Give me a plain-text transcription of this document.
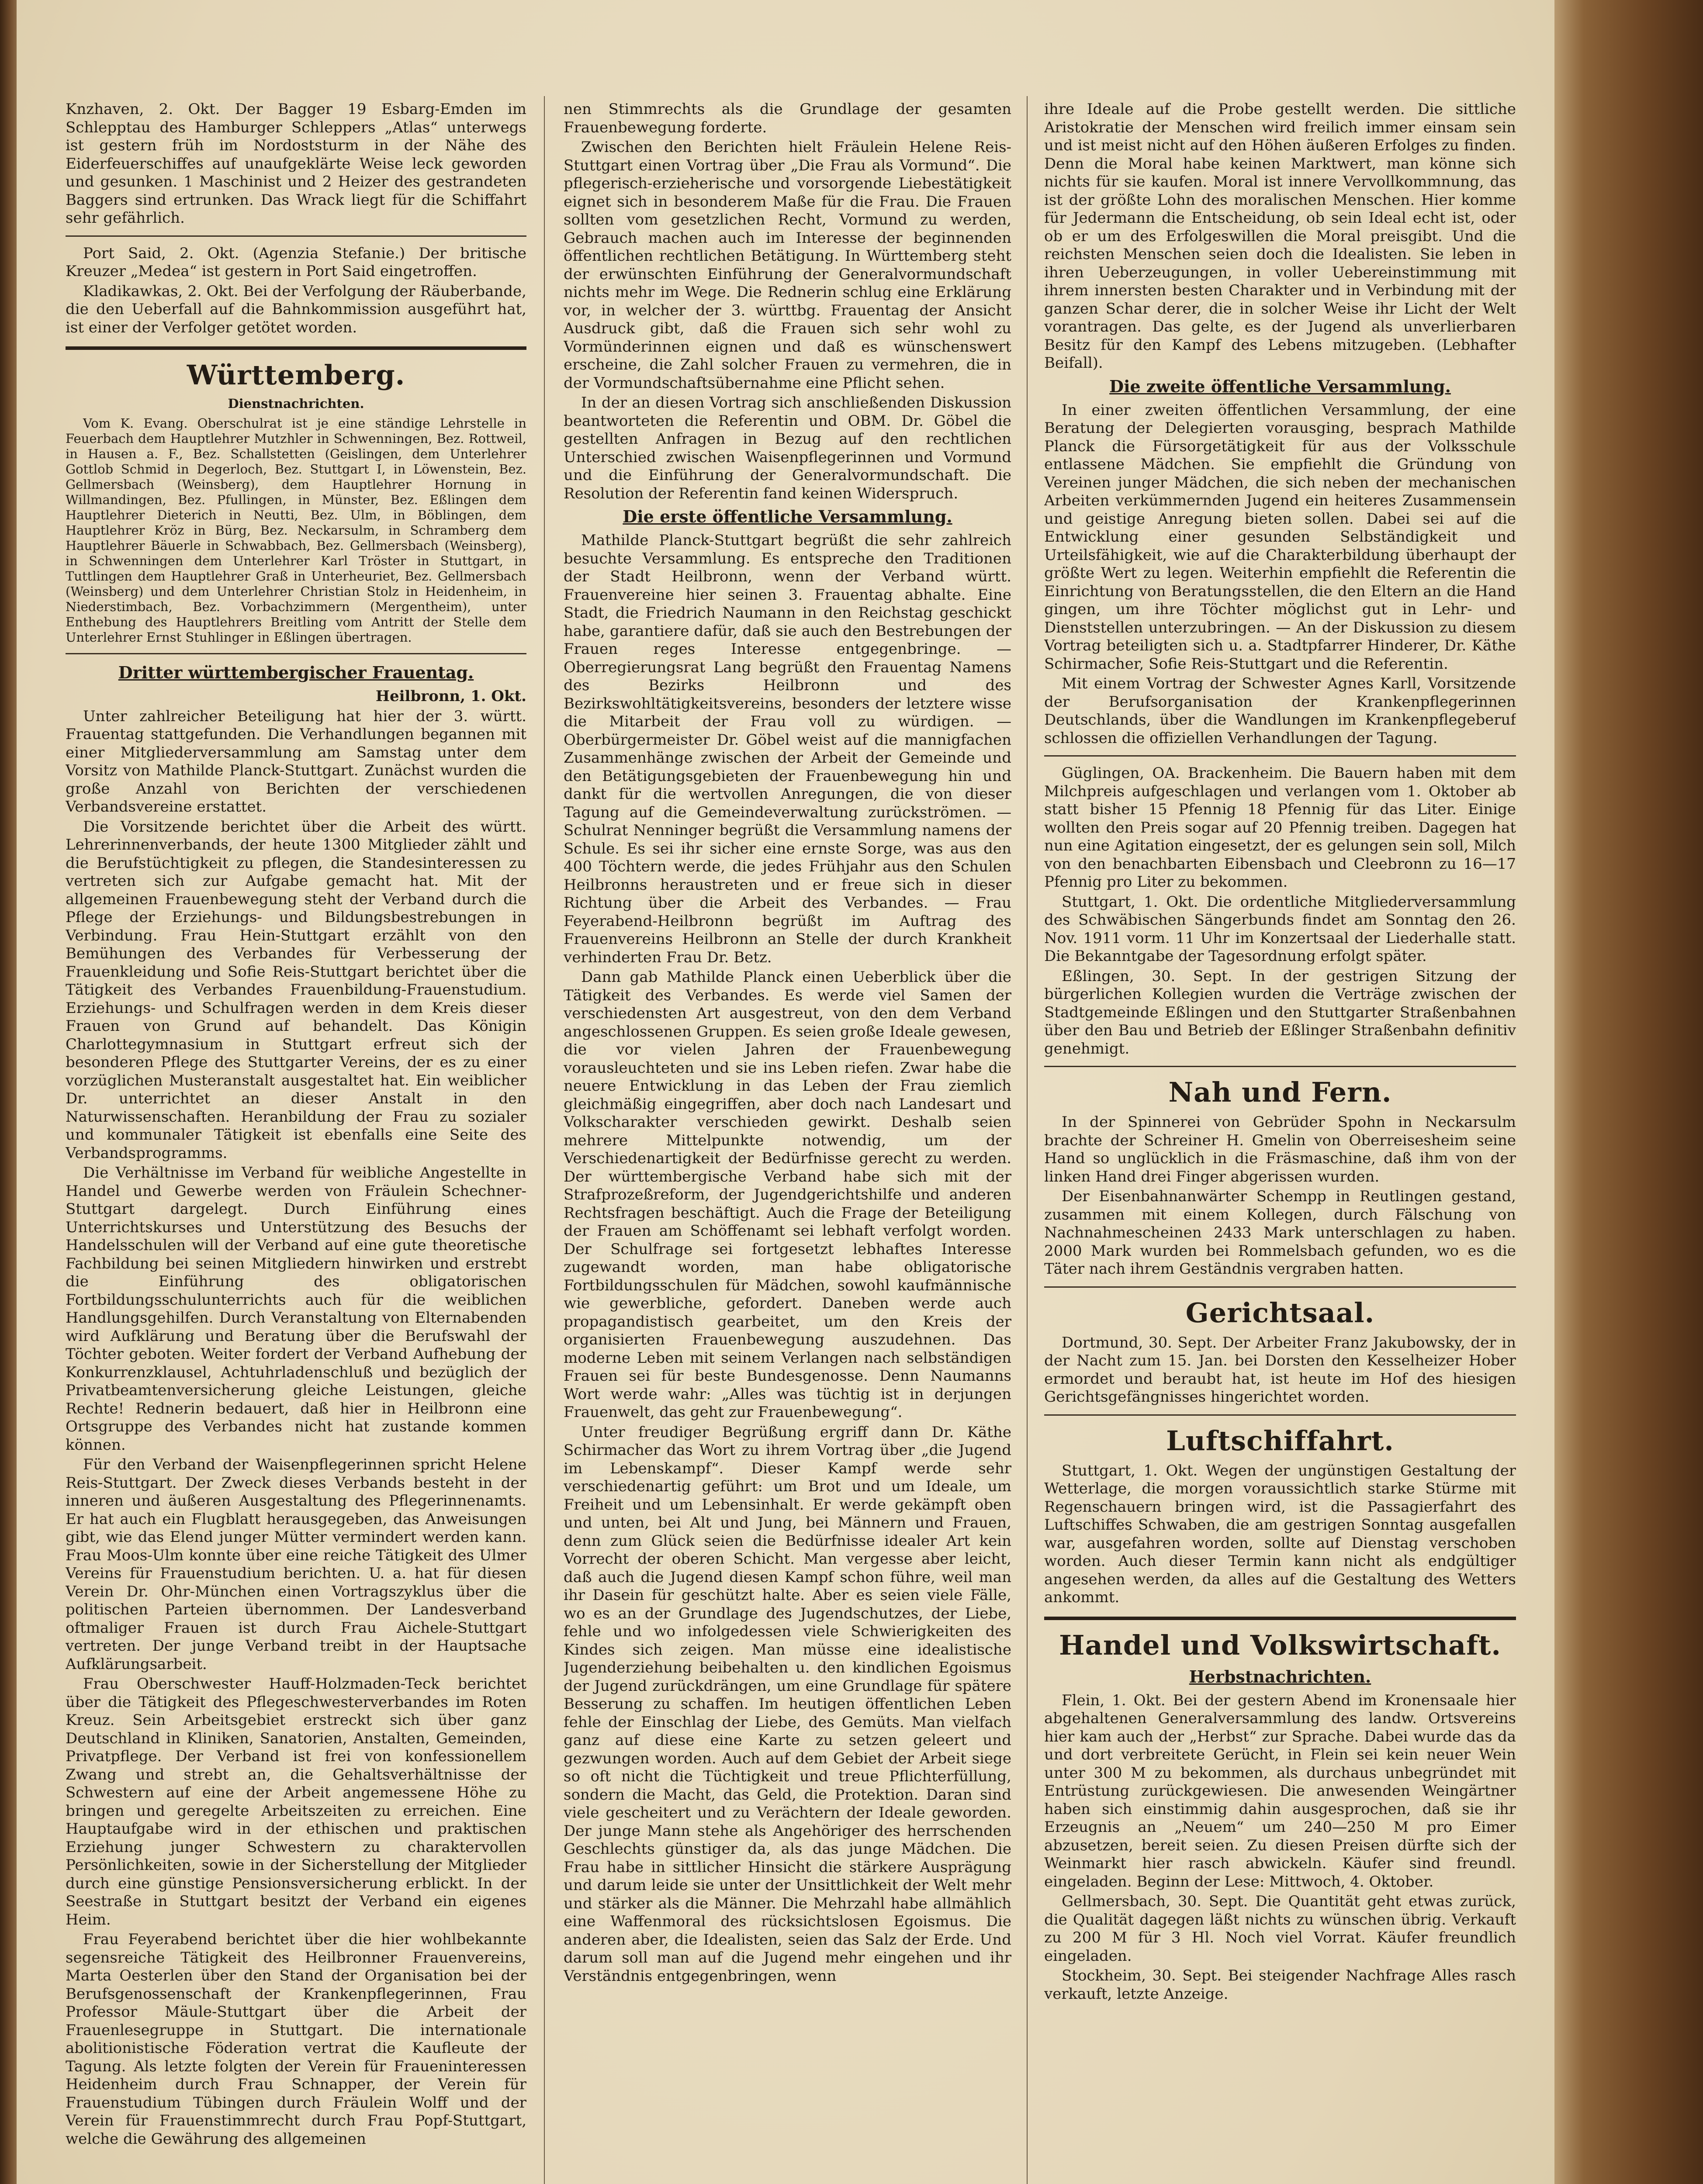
Knzhaven, 2. Okt. Der Bagger 19 Esbarg-Emden im Schlepptau des Hamburger Schleppers „Atlas“ unterwegs ist gestern früh im Nordoststurm in der Nähe des Eiderfeuerschiffes auf unaufgeklärte Weise leck geworden und gesunken. 1 Maschinist und 2 Heizer des gestrandeten Baggers sind ertrunken. Das Wrack liegt für die Schiffahrt sehr gefährlich.

Port Said, 2. Okt. (Agenzia Stefanie.) Der britische Kreuzer „Medea“ ist gestern in Port Said eingetroffen.

Kladikawkas, 2. Okt. Bei der Verfolgung der Räuberbande, die den Ueberfall auf die Bahnkommission ausgeführt hat, ist einer der Verfolger getötet worden.

Württemberg.
Dienstnachrichten.

Vom K. Evang. Oberschulrat ist je eine ständige Lehrstelle in Feuerbach dem Hauptlehrer Mutzhler in Schwenningen, Bez. Rottweil, in Hausen a. F., Bez. Schallstetten (Geislingen, dem Unterlehrer Gottlob Schmid in Degerloch, Bez. Stuttgart I, in Löwenstein, Bez. Gellmersbach (Weinsberg), dem Hauptlehrer Hornung in Willmandingen, Bez. Pfullingen, in Münster, Bez. Eßlingen dem Hauptlehrer Dieterich in Neutti, Bez. Ulm, in Böblingen, dem Hauptlehrer Kröz in Bürg, Bez. Neckarsulm, in Schramberg dem Hauptlehrer Bäuerle in Schwabbach, Bez. Gellmersbach (Weinsberg), in Schwenningen dem Unterlehrer Karl Tröster in Stuttgart, in Tuttlingen dem Hauptlehrer Graß in Unterheuriet, Bez. Gellmersbach (Weinsberg) und dem Unterlehrer Christian Stolz in Heidenheim, in Niederstimbach, Bez. Vorbachzimmern (Mergentheim), unter Enthebung des Hauptlehrers Breitling vom Antritt der Stelle dem Unterlehrer Ernst Stuhlinger in Eßlingen übertragen.

Dritter württembergischer Frauentag.

Heilbronn, 1. Okt.

Unter zahlreicher Beteiligung hat hier der 3. württ. Frauentag stattgefunden. Die Verhandlungen begannen mit einer Mitgliederversammlung am Samstag unter dem Vorsitz von Mathilde Planck-Stuttgart. Zunächst wurden die große Anzahl von Berichten der verschiedenen Verbandsvereine erstattet.

Die Vorsitzende berichtet über die Arbeit des württ. Lehrerinnenverbands, der heute 1300 Mitglieder zählt und die Berufstüchtigkeit zu pflegen, die Standesinteressen zu vertreten sich zur Aufgabe gemacht hat. Mit der allgemeinen Frauenbewegung steht der Verband durch die Pflege der Erziehungs- und Bildungsbestrebungen in Verbindung. Frau Hein-Stuttgart erzählt von den Bemühungen des Verbandes für Verbesserung der Frauenkleidung und Sofie Reis-Stuttgart berichtet über die Tätigkeit des Verbandes Frauenbildung-Frauenstudium. Erziehungs- und Schulfragen werden in dem Kreis dieser Frauen von Grund auf behandelt. Das Königin Charlottegymnasium in Stuttgart erfreut sich der besonderen Pflege des Stuttgarter Vereins, der es zu einer vorzüglichen Musteranstalt ausgestaltet hat. Ein weiblicher Dr. unterrichtet an dieser Anstalt in den Naturwissenschaften. Heranbildung der Frau zu sozialer und kommunaler Tätigkeit ist ebenfalls eine Seite des Verbandsprogramms.

Die Verhältnisse im Verband für weibliche Angestellte in Handel und Gewerbe werden von Fräulein Schechner-Stuttgart dargelegt. Durch Einführung eines Unterrichtskurses und Unterstützung des Besuchs der Handelsschulen will der Verband auf eine gute theoretische Fachbildung bei seinen Mitgliedern hinwirken und erstrebt die Einführung des obligatorischen Fortbildungsschulunterrichts auch für die weiblichen Handlungsgehilfen. Durch Veranstaltung von Elternabenden wird Aufklärung und Beratung über die Berufswahl der Töchter geboten. Weiter fordert der Verband Aufhebung der Konkurrenzklausel, Achtuhrladenschluß und bezüglich der Privatbeamtenversicherung gleiche Leistungen, gleiche Rechte! Rednerin bedauert, daß hier in Heilbronn eine Ortsgruppe des Verbandes nicht hat zustande kommen können.

Für den Verband der Waisenpflegerinnen spricht Helene Reis-Stuttgart. Der Zweck dieses Verbands besteht in der inneren und äußeren Ausgestaltung des Pflegerinnenamts. Er hat auch ein Flugblatt herausgegeben, das Anweisungen gibt, wie das Elend junger Mütter vermindert werden kann. Frau Moos-Ulm konnte über eine reiche Tätigkeit des Ulmer Vereins für Frauenstudium berichten. U. a. hat für diesen Verein Dr. Ohr-München einen Vortragszyklus über die politischen Parteien übernommen. Der Landesverband oftmaliger Frauen ist durch Frau Aichele-Stuttgart vertreten. Der junge Verband treibt in der Hauptsache Aufklärungsarbeit.

Frau Oberschwester Hauff-Holzmaden-Teck berichtet über die Tätigkeit des Pflegeschwesterverbandes im Roten Kreuz. Sein Arbeitsgebiet erstreckt sich über ganz Deutschland in Kliniken, Sanatorien, Anstalten, Gemeinden, Privatpflege. Der Verband ist frei von konfessionellem Zwang und strebt an, die Gehaltsverhältnisse der Schwestern auf eine der Arbeit angemessene Höhe zu bringen und geregelte Arbeitszeiten zu erreichen. Eine Hauptaufgabe wird in der ethischen und praktischen Erziehung junger Schwestern zu charaktervollen Persönlichkeiten, sowie in der Sicherstellung der Mitglieder durch eine günstige Pensionsversicherung erblickt. In der Seestraße in Stuttgart besitzt der Verband ein eigenes Heim.

Frau Feyerabend berichtet über die hier wohlbekannte segensreiche Tätigkeit des Heilbronner Frauenvereins, Marta Oesterlen über den Stand der Organisation bei der Berufsgenossenschaft der Krankenpflegerinnen, Frau Professor Mäule-Stuttgart über die Arbeit der Frauenlesegruppe in Stuttgart. Die internationale abolitionistische Föderation vertrat die Kaufleute der Tagung. Als letzte folgten der Verein für Fraueninteressen Heidenheim durch Frau Schnapper, der Verein für Frauenstudium Tübingen durch Fräulein Wolff und der Verein für Frauenstimmrecht durch Frau Popf-Stuttgart, welche die Gewährung des allgemeinen

nen Stimmrechts als die Grundlage der gesamten Frauenbewegung forderte.

Zwischen den Berichten hielt Fräulein Helene Reis-Stuttgart einen Vortrag über „Die Frau als Vormund“. Die pflegerisch-erzieherische und vorsorgende Liebestätigkeit eignet sich in besonderem Maße für die Frau. Die Frauen sollten vom gesetzlichen Recht, Vormund zu werden, Gebrauch machen auch im Interesse der beginnenden öffentlichen rechtlichen Betätigung. In Württemberg steht der erwünschten Einführung der Generalvormundschaft nichts mehr im Wege. Die Rednerin schlug eine Erklärung vor, in welcher der 3. württbg. Frauentag der Ansicht Ausdruck gibt, daß die Frauen sich sehr wohl zu Vormünderinnen eignen und daß es wünschenswert erscheine, die Zahl solcher Frauen zu vermehren, die in der Vormundschaftsübernahme eine Pflicht sehen.

In der an diesen Vortrag sich anschließenden Diskussion beantworteten die Referentin und OBM. Dr. Göbel die gestellten Anfragen in Bezug auf den rechtlichen Unterschied zwischen Waisenpflegerinnen und Vormund und die Einführung der Generalvormundschaft. Die Resolution der Referentin fand keinen Widerspruch.

Die erste öffentliche Versammlung.

Mathilde Planck-Stuttgart begrüßt die sehr zahlreich besuchte Versammlung. Es entspreche den Traditionen der Stadt Heilbronn, wenn der Verband württ. Frauenvereine hier seinen 3. Frauentag abhalte. Eine Stadt, die Friedrich Naumann in den Reichstag geschickt habe, garantiere dafür, daß sie auch den Bestrebungen der Frauen reges Interesse entgegenbringe. — Oberregierungsrat Lang begrüßt den Frauentag Namens des Bezirks Heilbronn und des Bezirkswohltätigkeitsvereins, besonders der letztere wisse die Mitarbeit der Frau voll zu würdigen. — Oberbürgermeister Dr. Göbel weist auf die mannigfachen Zusammenhänge zwischen der Arbeit der Gemeinde und den Betätigungsgebieten der Frauenbewegung hin und dankt für die wertvollen Anregungen, die von dieser Tagung auf die Gemeindeverwaltung zurückströmen. — Schulrat Nenninger begrüßt die Versammlung namens der Schule. Es sei ihr sicher eine ernste Sorge, was aus den 400 Töchtern werde, die jedes Frühjahr aus den Schulen Heilbronns heraustreten und er freue sich in dieser Richtung über die Arbeit des Verbandes. — Frau Feyerabend-Heilbronn begrüßt im Auftrag des Frauenvereins Heilbronn an Stelle der durch Krankheit verhinderten Frau Dr. Betz.

Dann gab Mathilde Planck einen Ueberblick über die Tätigkeit des Verbandes. Es werde viel Samen der verschiedensten Art ausgestreut, von den dem Verband angeschlossenen Gruppen. Es seien große Ideale gewesen, die vor vielen Jahren der Frauenbewegung vorausleuchteten und sie ins Leben riefen. Zwar habe die neuere Entwicklung in das Leben der Frau ziemlich gleichmäßig eingegriffen, aber doch nach Landesart und Volkscharakter verschieden gewirkt. Deshalb seien mehrere Mittelpunkte notwendig, um der Verschiedenartigkeit der Bedürfnisse gerecht zu werden. Der württembergische Verband habe sich mit der Strafprozeßreform, der Jugendgerichtshilfe und anderen Rechtsfragen beschäftigt. Auch die Frage der Beteiligung der Frauen am Schöffenamt sei lebhaft verfolgt worden. Der Schulfrage sei fortgesetzt lebhaftes Interesse zugewandt worden, man habe obligatorische Fortbildungsschulen für Mädchen, sowohl kaufmännische wie gewerbliche, gefordert. Daneben werde auch propagandistisch gearbeitet, um den Kreis der organisierten Frauenbewegung auszudehnen. Das moderne Leben mit seinem Verlangen nach selbständigen Frauen sei für beste Bundesgenosse. Denn Naumanns Wort werde wahr: „Alles was tüchtig ist in derjungen Frauenwelt, das geht zur Frauenbewegung“.

Unter freudiger Begrüßung ergriff dann Dr. Käthe Schirmacher das Wort zu ihrem Vortrag über „die Jugend im Lebenskampf“. Dieser Kampf werde sehr verschiedenartig geführt: um Brot und um Ideale, um Freiheit und um Lebensinhalt. Er werde gekämpft oben und unten, bei Alt und Jung, bei Männern und Frauen, denn zum Glück seien die Bedürfnisse idealer Art kein Vorrecht der oberen Schicht. Man vergesse aber leicht, daß auch die Jugend diesen Kampf schon führe, weil man ihr Dasein für geschützt halte. Aber es seien viele Fälle, wo es an der Grundlage des Jugendschutzes, der Liebe, fehle und wo infolgedessen viele Schwierigkeiten des Kindes sich zeigen. Man müsse eine idealistische Jugenderziehung beibehalten u. den kindlichen Egoismus der Jugend zurückdrängen, um eine Grundlage für spätere Besserung zu schaffen. Im heutigen öffentlichen Leben fehle der Einschlag der Liebe, des Gemüts. Man vielfach ganz auf diese eine Karte zu setzen geleert und gezwungen worden. Auch auf dem Gebiet der Arbeit siege so oft nicht die Tüchtigkeit und treue Pflichterfüllung, sondern die Macht, das Geld, die Protektion. Daran sind viele gescheitert und zu Verächtern der Ideale geworden. Der junge Mann stehe als Angehöriger des herrschenden Geschlechts günstiger da, als das junge Mädchen. Die Frau habe in sittlicher Hinsicht die stärkere Ausprägung und darum leide sie unter der Unsittlichkeit der Welt mehr und stärker als die Männer. Die Mehrzahl habe allmählich eine Waffenmoral des rücksichtslosen Egoismus. Die anderen aber, die Idealisten, seien das Salz der Erde. Und darum soll man auf die Jugend mehr eingehen und ihr Verständnis entgegenbringen, wenn

ihre Ideale auf die Probe gestellt werden. Die sittliche Aristokratie der Menschen wird freilich immer einsam sein und ist meist nicht auf den Höhen äußeren Erfolges zu finden. Denn die Moral habe keinen Marktwert, man könne sich nichts für sie kaufen. Moral ist innere Vervollkommnung, das ist der größte Lohn des moralischen Menschen. Hier komme für Jedermann die Entscheidung, ob sein Ideal echt ist, oder ob er um des Erfolgeswillen die Moral preisgibt. Und die reichsten Menschen seien doch die Idealisten. Sie leben in ihren Ueberzeugungen, in voller Uebereinstimmung mit ihrem innersten besten Charakter und in Verbindung mit der ganzen Schar derer, die in solcher Weise ihr Licht der Welt vorantragen. Das gelte, es der Jugend als unverlierbaren Besitz für den Kampf des Lebens mitzugeben. (Lebhafter Beifall).

Die zweite öffentliche Versammlung.

In einer zweiten öffentlichen Versammlung, der eine Beratung der Delegierten vorausging, besprach Mathilde Planck die Fürsorgetätigkeit für aus der Volksschule entlassene Mädchen. Sie empfiehlt die Gründung von Vereinen junger Mädchen, die sich neben der mechanischen Arbeiten verkümmernden Jugend ein heiteres Zusammensein und geistige Anregung bieten sollen. Dabei sei auf die Entwicklung einer gesunden Selbständigkeit und Urteilsfähigkeit, wie auf die Charakterbildung überhaupt der größte Wert zu legen. Weiterhin empfiehlt die Referentin die Einrichtung von Beratungsstellen, die den Eltern an die Hand gingen, um ihre Töchter möglichst gut in Lehr- und Dienststellen unterzubringen. — An der Diskussion zu diesem Vortrag beteiligten sich u. a. Stadtpfarrer Hinderer, Dr. Käthe Schirmacher, Sofie Reis-Stuttgart und die Referentin.

Mit einem Vortrag der Schwester Agnes Karll, Vorsitzende der Berufsorganisation der Krankenpflegerinnen Deutschlands, über die Wandlungen im Krankenpflegeberuf schlossen die offiziellen Verhandlungen der Tagung.

Güglingen, OA. Brackenheim. Die Bauern haben mit dem Milchpreis aufgeschlagen und verlangen vom 1. Oktober ab statt bisher 15 Pfennig 18 Pfennig für das Liter. Einige wollten den Preis sogar auf 20 Pfennig treiben. Dagegen hat nun eine Agitation eingesetzt, der es gelungen sein soll, Milch von den benachbarten Eibensbach und Cleebronn zu 16—17 Pfennig pro Liter zu bekommen.

Stuttgart, 1. Okt. Die ordentliche Mitgliederversammlung des Schwäbischen Sängerbunds findet am Sonntag den 26. Nov. 1911 vorm. 11 Uhr im Konzertsaal der Liederhalle statt. Die Bekanntgabe der Tagesordnung erfolgt später.

Eßlingen, 30. Sept. In der gestrigen Sitzung der bürgerlichen Kollegien wurden die Verträge zwischen der Stadtgemeinde Eßlingen und den Stuttgarter Straßenbahnen über den Bau und Betrieb der Eßlinger Straßenbahn definitiv genehmigt.

Nah und Fern.

In der Spinnerei von Gebrüder Spohn in Neckarsulm brachte der Schreiner H. Gmelin von Oberreisesheim seine Hand so unglücklich in die Fräsmaschine, daß ihm von der linken Hand drei Finger abgerissen wurden.

Der Eisenbahnanwärter Schempp in Reutlingen gestand, zusammen mit einem Kollegen, durch Fälschung von Nachnahmescheinen 2433 Mark unterschlagen zu haben. 2000 Mark wurden bei Rommelsbach gefunden, wo es die Täter nach ihrem Geständnis vergraben hatten.

Gerichtsaal.

Dortmund, 30. Sept. Der Arbeiter Franz Jakubowsky, der in der Nacht zum 15. Jan. bei Dorsten den Kesselheizer Hober ermordet und beraubt hat, ist heute im Hof des hiesigen Gerichtsgefängnisses hingerichtet worden.

Luftschiffahrt.

Stuttgart, 1. Okt. Wegen der ungünstigen Gestaltung der Wetterlage, die morgen voraussichtlich starke Stürme mit Regenschauern bringen wird, ist die Passagierfahrt des Luftschiffes Schwaben, die am gestrigen Sonntag ausgefallen war, ausgefahren worden, sollte auf Dienstag verschoben worden. Auch dieser Termin kann nicht als endgültiger angesehen werden, da alles auf die Gestaltung des Wetters ankommt.

Handel und Volkswirtschaft.
Herbstnachrichten.

Flein, 1. Okt. Bei der gestern Abend im Kronensaale hier abgehaltenen Generalversammlung des landw. Ortsvereins hier kam auch der „Herbst“ zur Sprache. Dabei wurde das da und dort verbreitete Gerücht, in Flein sei kein neuer Wein unter 300 M zu bekommen, als durchaus unbegründet mit Entrüstung zurückgewiesen. Die anwesenden Weingärtner haben sich einstimmig dahin ausgesprochen, daß sie ihr Erzeugnis an „Neuem“ um 240—250 M pro Eimer abzusetzen, bereit seien. Zu diesen Preisen dürfte sich der Weinmarkt hier rasch abwickeln. Käufer sind freundl. eingeladen. Beginn der Lese: Mittwoch, 4. Oktober.

Gellmersbach, 30. Sept. Die Quantität geht etwas zurück, die Qualität dagegen läßt nichts zu wünschen übrig. Verkauft zu 200 M für 3 Hl. Noch viel Vorrat. Käufer freundlich eingeladen.

Stockheim, 30. Sept. Bei steigender Nachfrage Alles rasch verkauft, letzte Anzeige.
